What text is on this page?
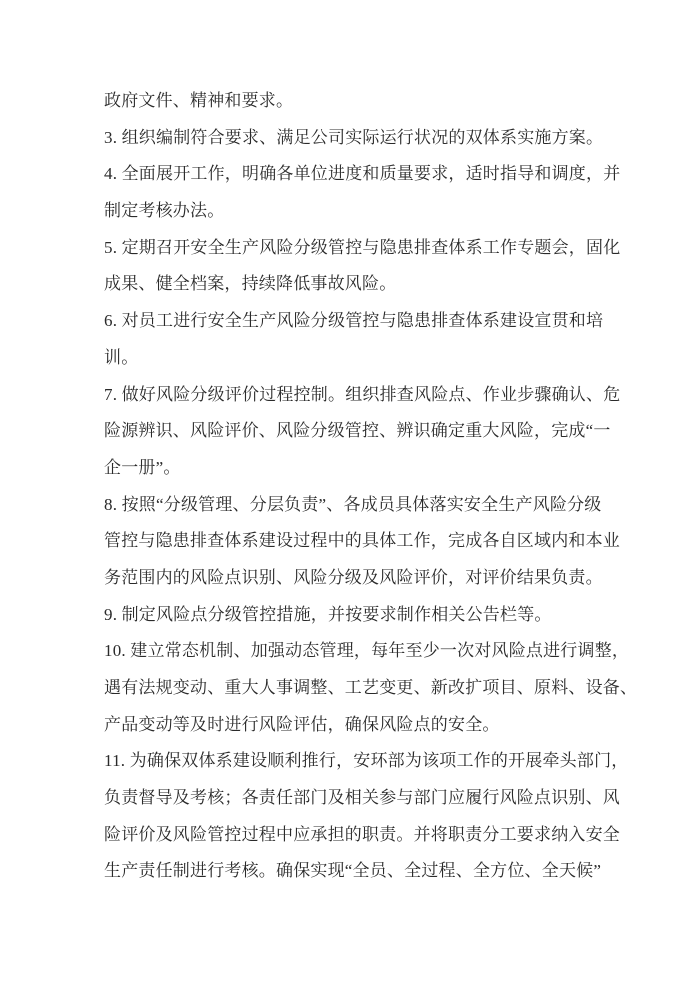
政府文件、精神和要求。
3. 组织编制符合要求、满足公司实际运行状况的双体系实施方案。
4. 全面展开工作，明确各单位进度和质量要求，适时指导和调度，并
制定考核办法。
5. 定期召开安全生产风险分级管控与隐患排查体系工作专题会，固化
成果、健全档案，持续降低事故风险。
6. 对员工进行安全生产风险分级管控与隐患排查体系建设宣贯和培
训。
7. 做好风险分级评价过程控制。组织排查风险点、作业步骤确认、危
险源辨识、风险评价、风险分级管控、辨识确定重大风险，完成“一
企一册”。
8. 按照“分级管理、分层负责”、各成员具体落实安全生产风险分级
管控与隐患排查体系建设过程中的具体工作，完成各自区域内和本业
务范围内的风险点识别、风险分级及风险评价，对评价结果负责。
9. 制定风险点分级管控措施，并按要求制作相关公告栏等。
10. 建立常态机制、加强动态管理，每年至少一次对风险点进行调整，
遇有法规变动、重大人事调整、工艺变更、新改扩项目、原料、设备、
产品变动等及时进行风险评估，确保风险点的安全。
11. 为确保双体系建设顺利推行，安环部为该项工作的开展牵头部门，
负责督导及考核；各责任部门及相关参与部门应履行风险点识别、风
险评价及风险管控过程中应承担的职责。并将职责分工要求纳入安全
生产责任制进行考核。确保实现“全员、全过程、全方位、全天候”
